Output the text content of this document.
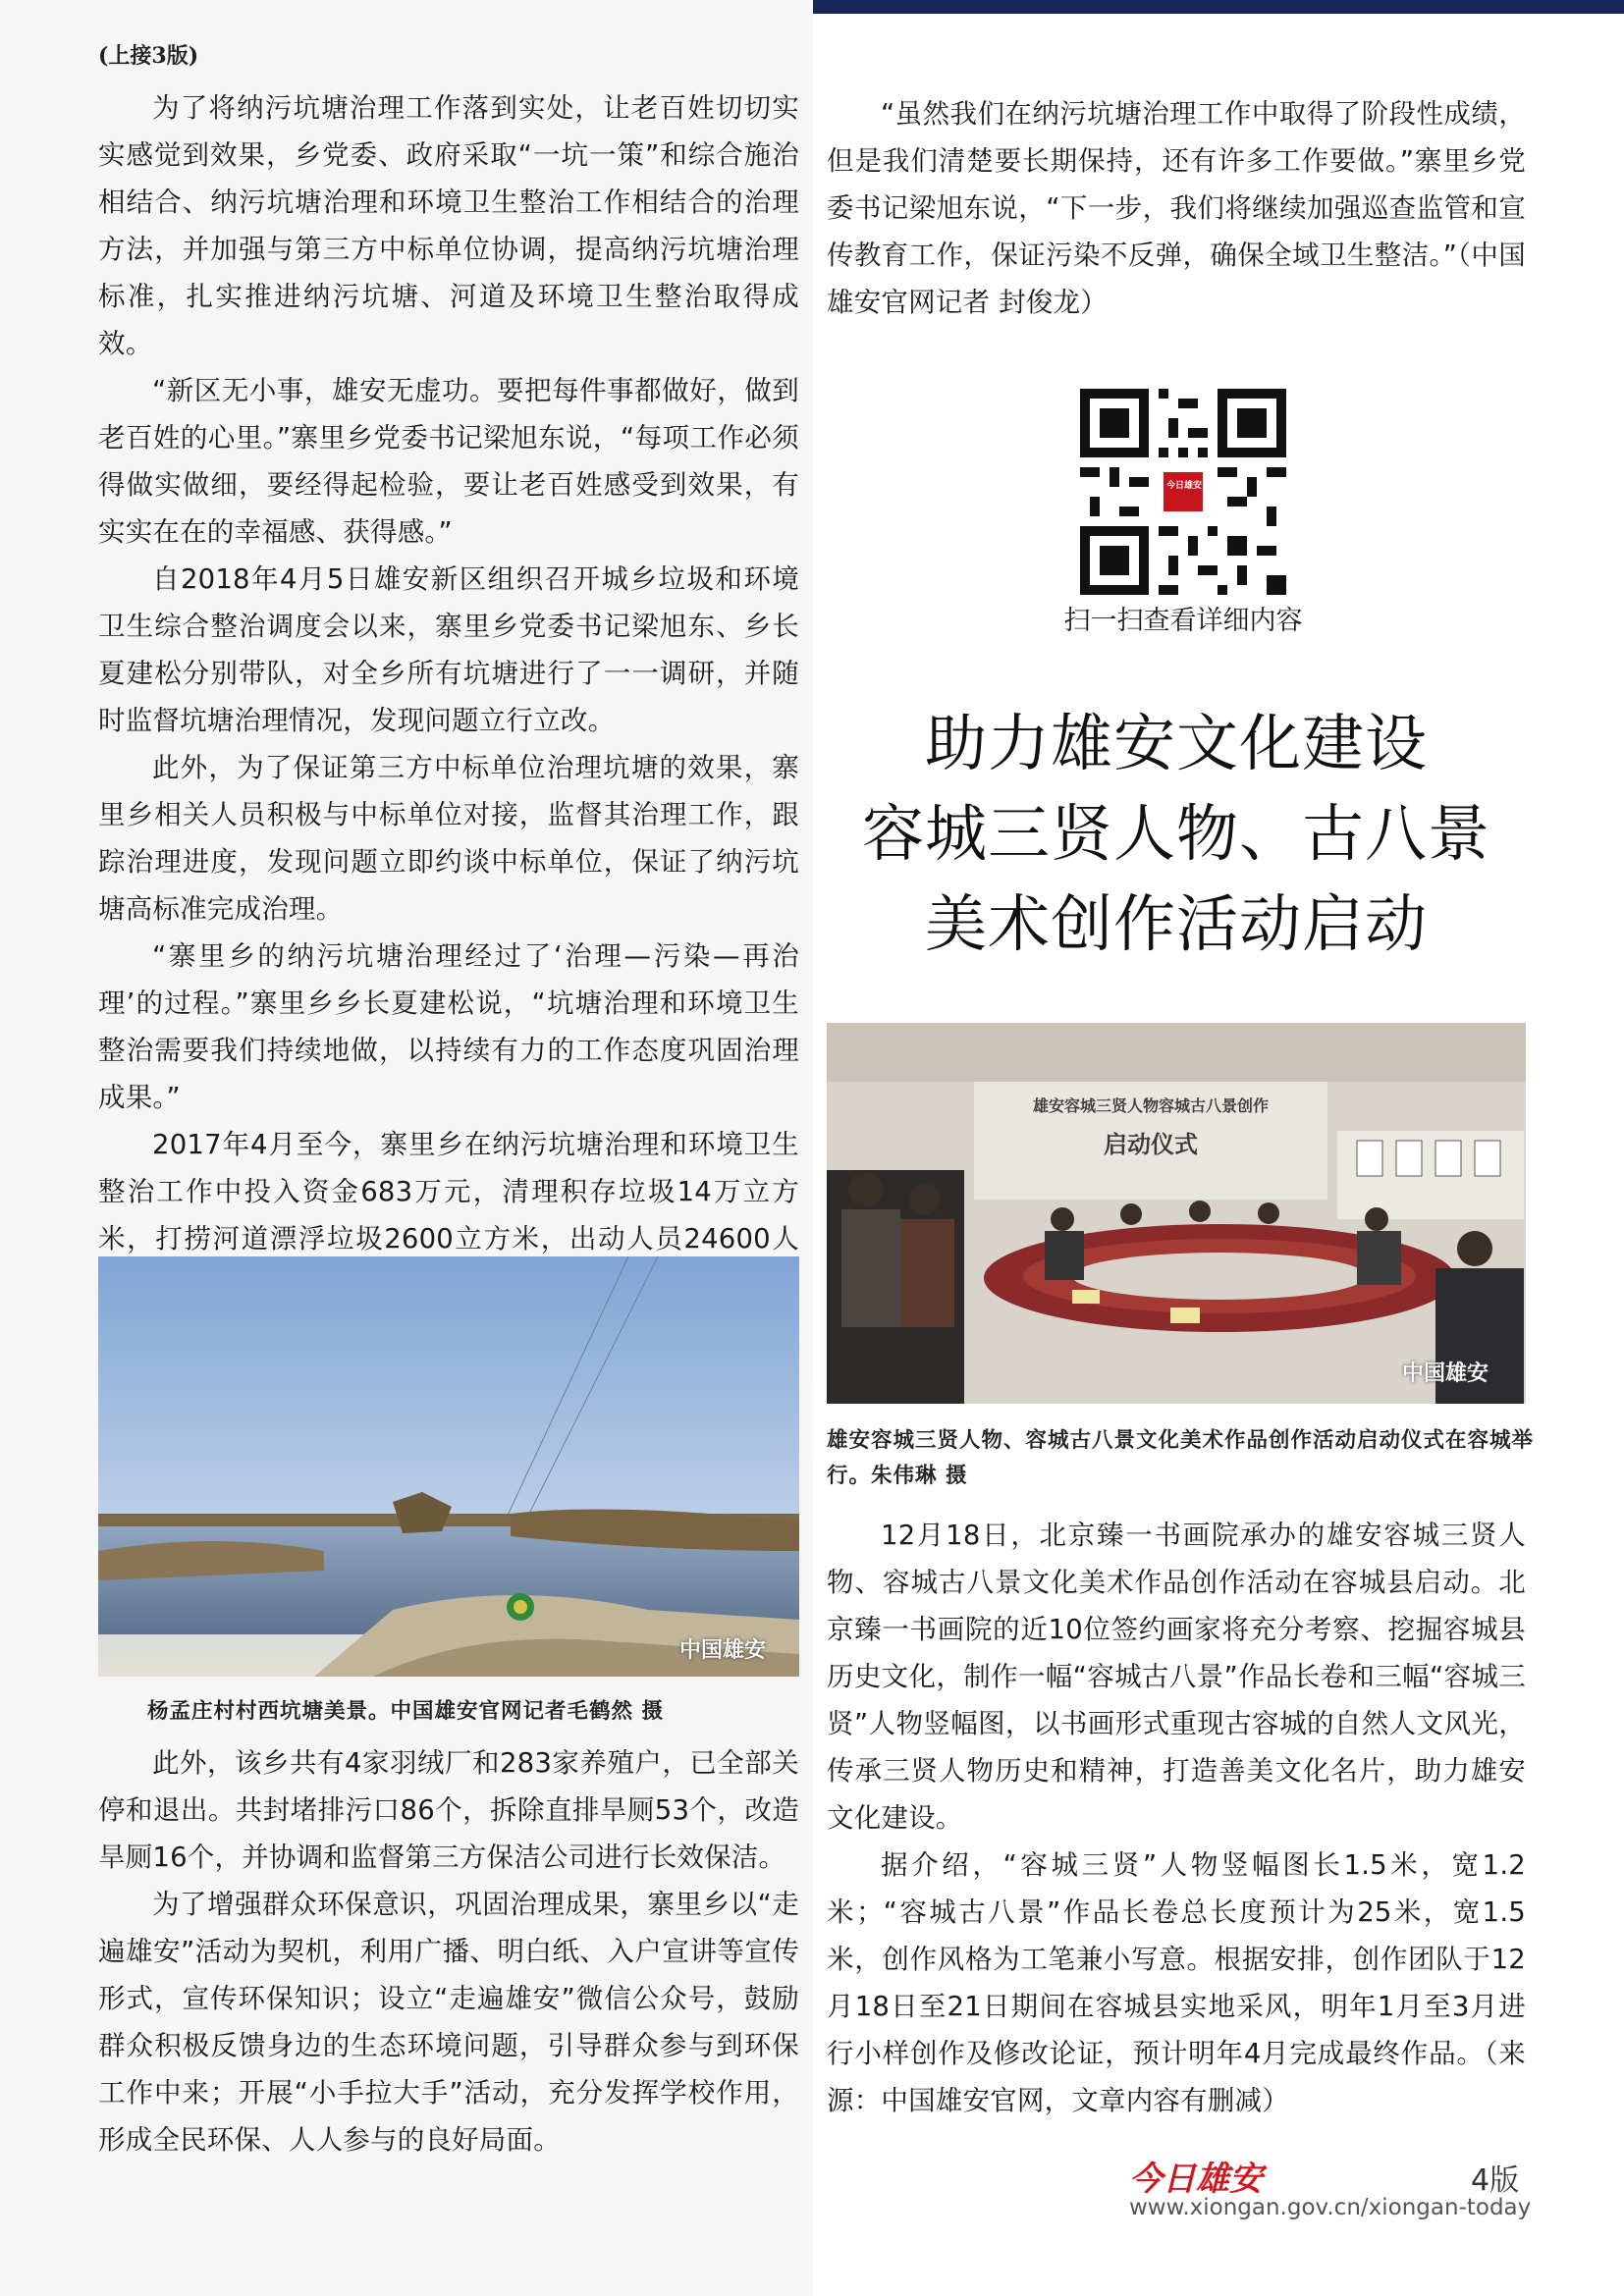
(上接3版)

为了将纳污坑塘治理工作落到实处，让老百姓切切实实感觉到效果，乡党委、政府采取“一坑一策”和综合施治相结合、纳污坑塘治理和环境卫生整治工作相结合的治理方法，并加强与第三方中标单位协调，提高纳污坑塘治理标准，扎实推进纳污坑塘、河道及环境卫生整治取得成效。

“新区无小事，雄安无虚功。要把每件事都做好，做到老百姓的心里。”寨里乡党委书记梁旭东说，“每项工作必须得做实做细，要经得起检验，要让老百姓感受到效果，有实实在在的幸福感、获得感。”

自2018年4月5日雄安新区组织召开城乡垃圾和环境卫生综合整治调度会以来，寨里乡党委书记梁旭东、乡长夏建松分别带队，对全乡所有坑塘进行了一一调研，并随时监督坑塘治理情况，发现问题立行立改。

此外，为了保证第三方中标单位治理坑塘的效果，寨里乡相关人员积极与中标单位对接，监督其治理工作，跟踪治理进度，发现问题立即约谈中标单位，保证了纳污坑塘高标准完成治理。

“寨里乡的纳污坑塘治理经过了‘治理—污染—再治理’的过程。”寨里乡乡长夏建松说，“坑塘治理和环境卫生整治需要我们持续地做，以持续有力的工作态度巩固治理成果。”

2017年4月至今，寨里乡在纳污坑塘治理和环境卫生整治工作中投入资金683万元，清理积存垃圾14万立方米，打捞河道漂浮垃圾2600立方米，出动人员24600人

中国雄安
杨孟庄村村西坑塘美景。中国雄安官网记者毛鹤然 摄

此外，该乡共有4家羽绒厂和283家养殖户，已全部关停和退出。共封堵排污口86个，拆除直排旱厕53个，改造旱厕16个，并协调和监督第三方保洁公司进行长效保洁。

为了增强群众环保意识，巩固治理成果，寨里乡以“走遍雄安”活动为契机，利用广播、明白纸、入户宣讲等宣传形式，宣传环保知识；设立“走遍雄安”微信公众号，鼓励群众积极反馈身边的生态环境问题，引导群众参与到环保工作中来；开展“小手拉大手”活动，充分发挥学校作用，形成全民环保、人人参与的良好局面。

“虽然我们在纳污坑塘治理工作中取得了阶段性成绩，但是我们清楚要长期保持，还有许多工作要做。”寨里乡党委书记梁旭东说，“下一步，我们将继续加强巡查监管和宣传教育工作，保证污染不反弹，确保全域卫生整洁。”（中国雄安官网记者 封俊龙）

今日雄安
扫一扫查看详细内容
助力雄安文化建设
容城三贤人物、古八景
美术创作活动启动
雄安容城三贤人物容城古八景创作
启动仪式
中国雄安
雄安容城三贤人物、容城古八景文化美术作品创作活动启动仪式在容城举行。朱伟琳 摄

12月18日，北京臻一书画院承办的雄安容城三贤人物、容城古八景文化美术作品创作活动在容城县启动。北京臻一书画院的近10位签约画家将充分考察、挖掘容城县历史文化，制作一幅“容城古八景”作品长卷和三幅“容城三贤”人物竖幅图，以书画形式重现古容城的自然人文风光，传承三贤人物历史和精神，打造善美文化名片，助力雄安文化建设。

据介绍，“容城三贤”人物竖幅图长1.5米，宽1.2米；“容城古八景”作品长卷总长度预计为25米，宽1.5米，创作风格为工笔兼小写意。根据安排，创作团队于12月18日至21日期间在容城县实地采风，明年1月至3月进行小样创作及修改论证，预计明年4月完成最终作品。（来源：中国雄安官网，文章内容有删减）

今日雄安	4版
www.xiongan.gov.cn/xiongan-today
